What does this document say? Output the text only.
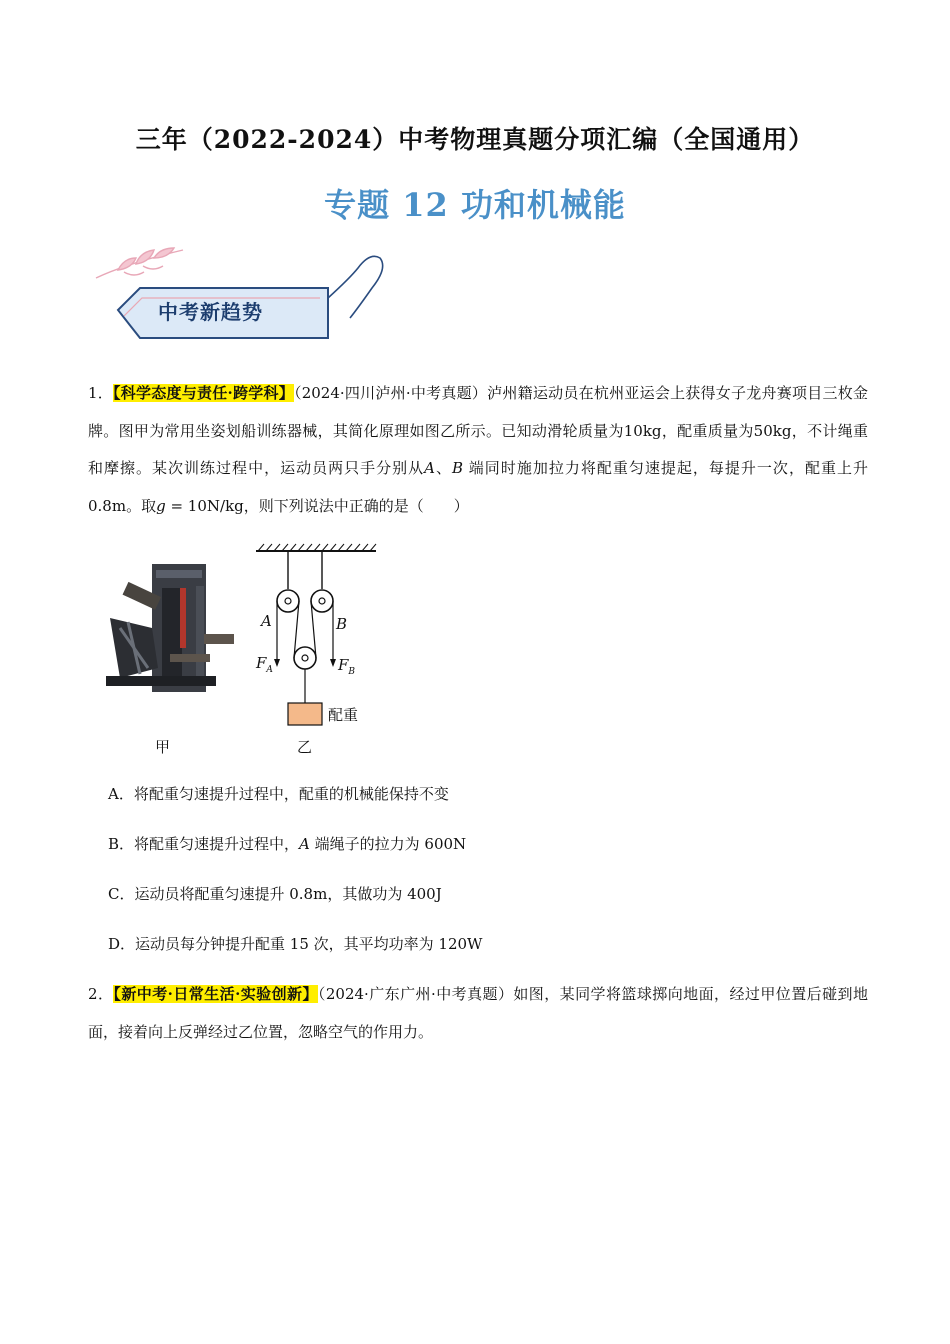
三年（2022-2024）中考物理真题分项汇编（全国通用）
专题 12 功和机械能
中考新趋势
1．【科学态度与责任·跨学科】（2024·四川泸州·中考真题）泸州籍运动员在杭州亚运会上获得女子龙舟赛项目三枚金牌。图甲为常用坐姿划船训练器械，其简化原理如图乙所示。已知动滑轮质量为10kg，配重质量为50kg，不计绳重和摩擦。某次训练过程中，运动员两只手分别从A、B 端同时施加拉力将配重匀速提起，每提升一次，配重上升 0.8m。取g = 10N/kg，则下列说法中正确的是（　　）
甲
A	B
$F_A$	$F_B$
配重
乙
A．将配重匀速提升过程中，配重的机械能保持不变
B．将配重匀速提升过程中，A 端绳子的拉力为 600N
C．运动员将配重匀速提升 0.8m，其做功为 400J
D．运动员每分钟提升配重 15 次，其平均功率为 120W
2．【新中考·日常生活·实验创新】（2024·广东广州·中考真题）如图，某同学将篮球掷向地面，经过甲位置后碰到地面，接着向上反弹经过乙位置，忽略空气的作用力。
